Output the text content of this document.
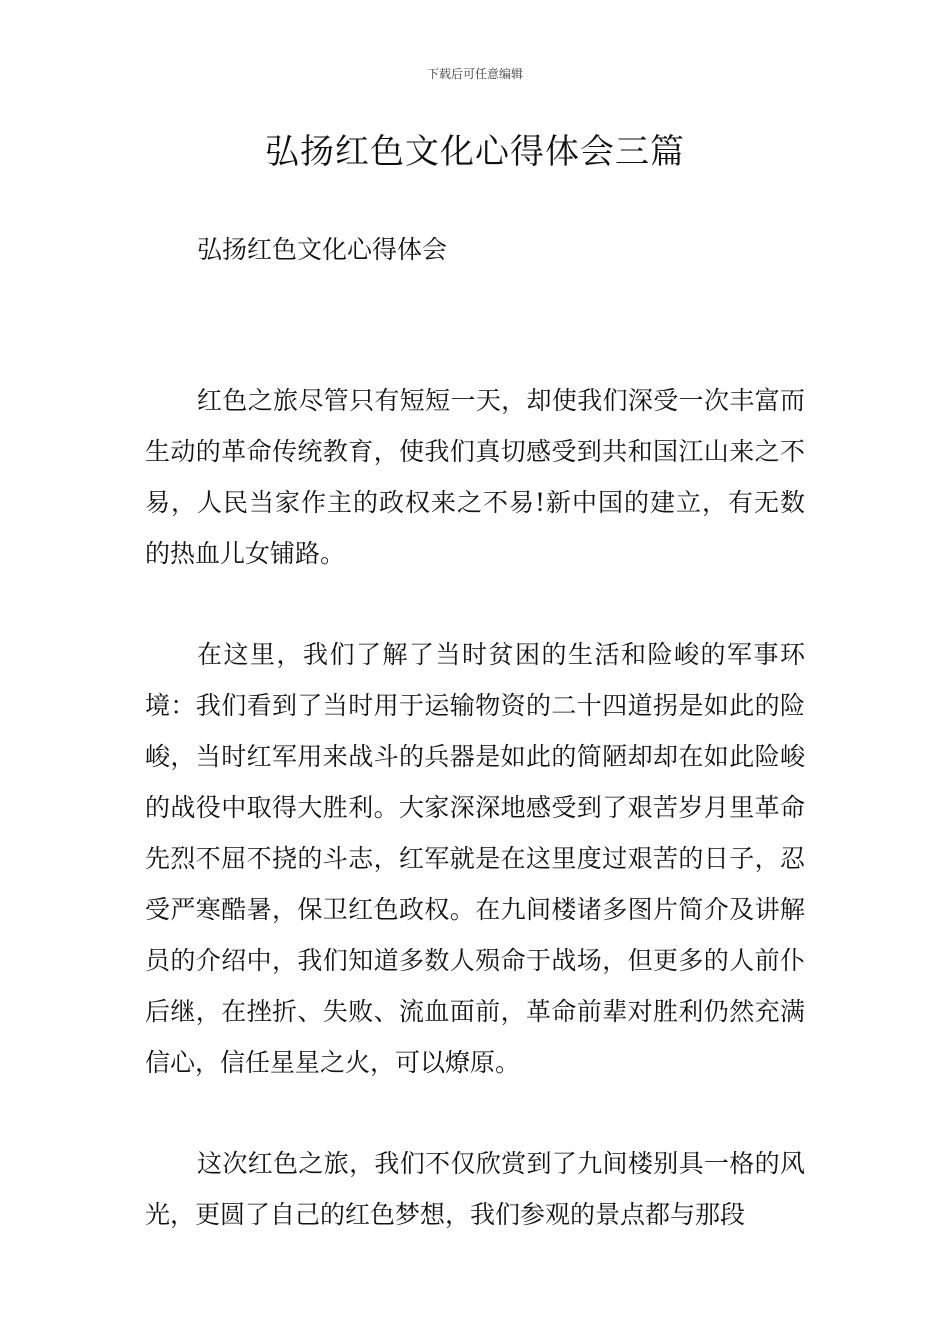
下载后可任意编辑
弘扬红色文化心得体会三篇

弘扬红色文化心得体会

红色之旅尽管只有短短一天，却使我们深受一次丰富而生动的革命传统教育，使我们真切感受到共和国江山来之不易，人民当家作主的政权来之不易!新中国的建立，有无数的热血儿女铺路。

在这里，我们了解了当时贫困的生活和险峻的军事环境：我们看到了当时用于运输物资的二十四道拐是如此的险峻，当时红军用来战斗的兵器是如此的简陋却却在如此险峻的战役中取得大胜利。大家深深地感受到了艰苦岁月里革命先烈不屈不挠的斗志，红军就是在这里度过艰苦的日子，忍受严寒酷暑，保卫红色政权。在九间楼诸多图片简介及讲解员的介绍中，我们知道多数人殒命于战场，但更多的人前仆后继，在挫折、失败、流血面前，革命前辈对胜利仍然充满信心，信任星星之火，可以燎原。

这次红色之旅，我们不仅欣赏到了九间楼别具一格的风光，更圆了自己的红色梦想，我们参观的景点都与那段
